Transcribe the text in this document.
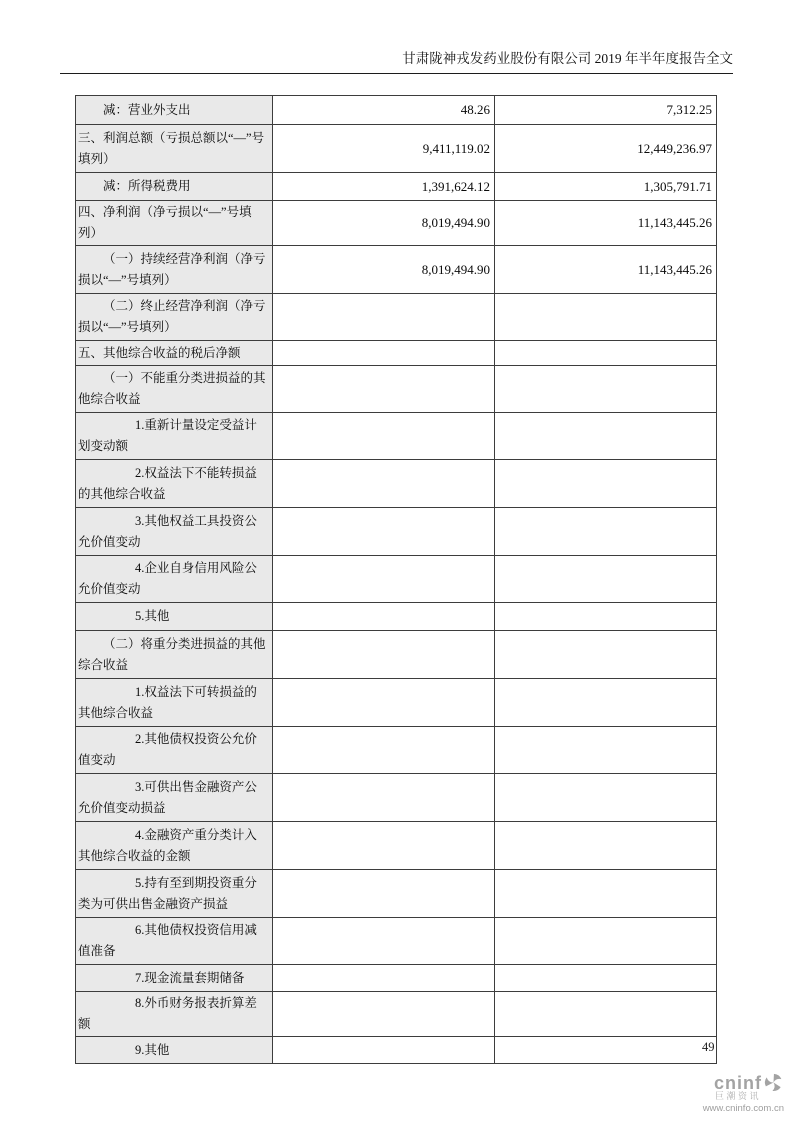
甘肃陇神戎发药业股份有限公司 2019 年半年度报告全文
减：营业外支出	48.26	7,312.25
三、利润总额（亏损总额以“—”号填列）	9,411,119.02	12,449,236.97
减：所得税费用	1,391,624.12	1,305,791.71
四、净利润（净亏损以“—”号填列）	8,019,494.90	11,143,445.26
（一）持续经营净利润（净亏损以“—”号填列）	8,019,494.90	11,143,445.26
（二）终止经营净利润（净亏损以“—”号填列）		
五、其他综合收益的税后净额		
（一）不能重分类进损益的其他综合收益		
1.重新计量设定受益计划变动额		
2.权益法下不能转损益的其他综合收益		
3.其他权益工具投资公允价值变动		
4.企业自身信用风险公允价值变动		
5.其他		
（二）将重分类进损益的其他综合收益		
1.权益法下可转损益的其他综合收益		
2.其他债权投资公允价值变动		
3.可供出售金融资产公允价值变动损益		
4.金融资产重分类计入其他综合收益的金额		
5.持有至到期投资重分类为可供出售金融资产损益		
6.其他债权投资信用减值准备		
7.现金流量套期储备		
8.外币财务报表折算差额		
9.其他			49
cninf
巨潮资讯
www.cninfo.com.cn
